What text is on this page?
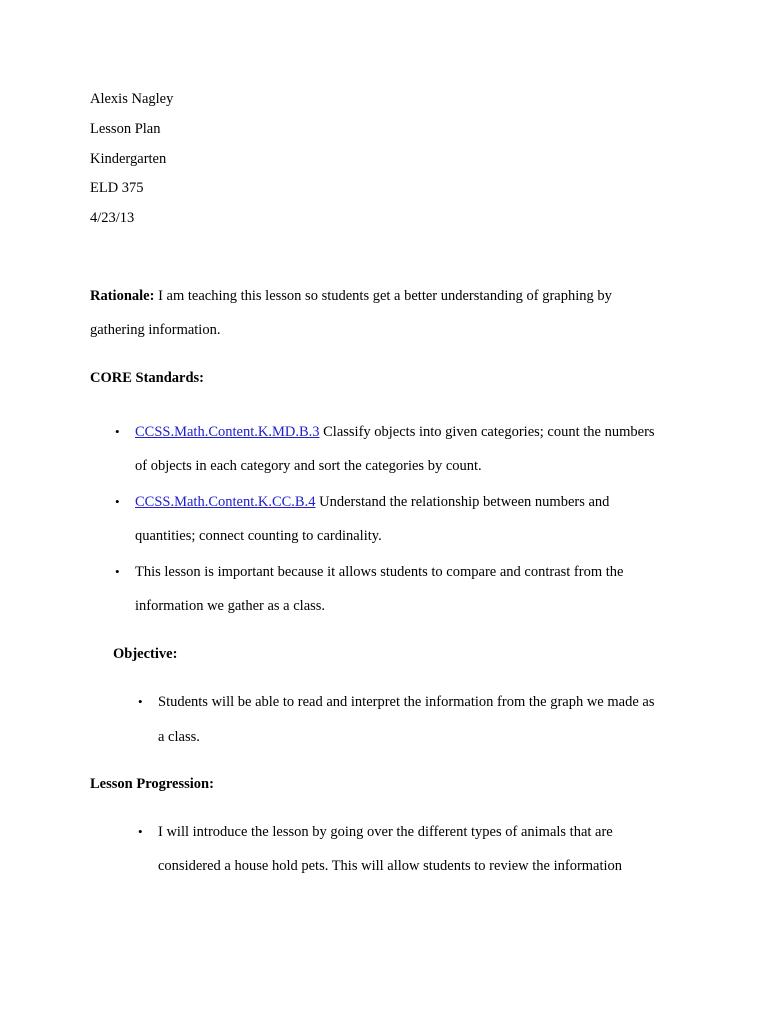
Alexis Nagley
Lesson Plan
Kindergarten
ELD 375
4/23/13
Rationale: I am teaching this lesson so students get a better understanding of graphing by
gathering information.
CORE Standards:
• CCSS.Math.Content.K.MD.B.3 Classify objects into given categories; count the numbers
of objects in each category and sort the categories by count.
• CCSS.Math.Content.K.CC.B.4 Understand the relationship between numbers and
quantities; connect counting to cardinality.
• This lesson is important because it allows students to compare and contrast from the
information we gather as a class.
Objective:
• Students will be able to read and interpret the information from the graph we made as
a class.
Lesson Progression:
• I will introduce the lesson by going over the different types of animals that are
considered a house hold pets. This will allow students to review the information
